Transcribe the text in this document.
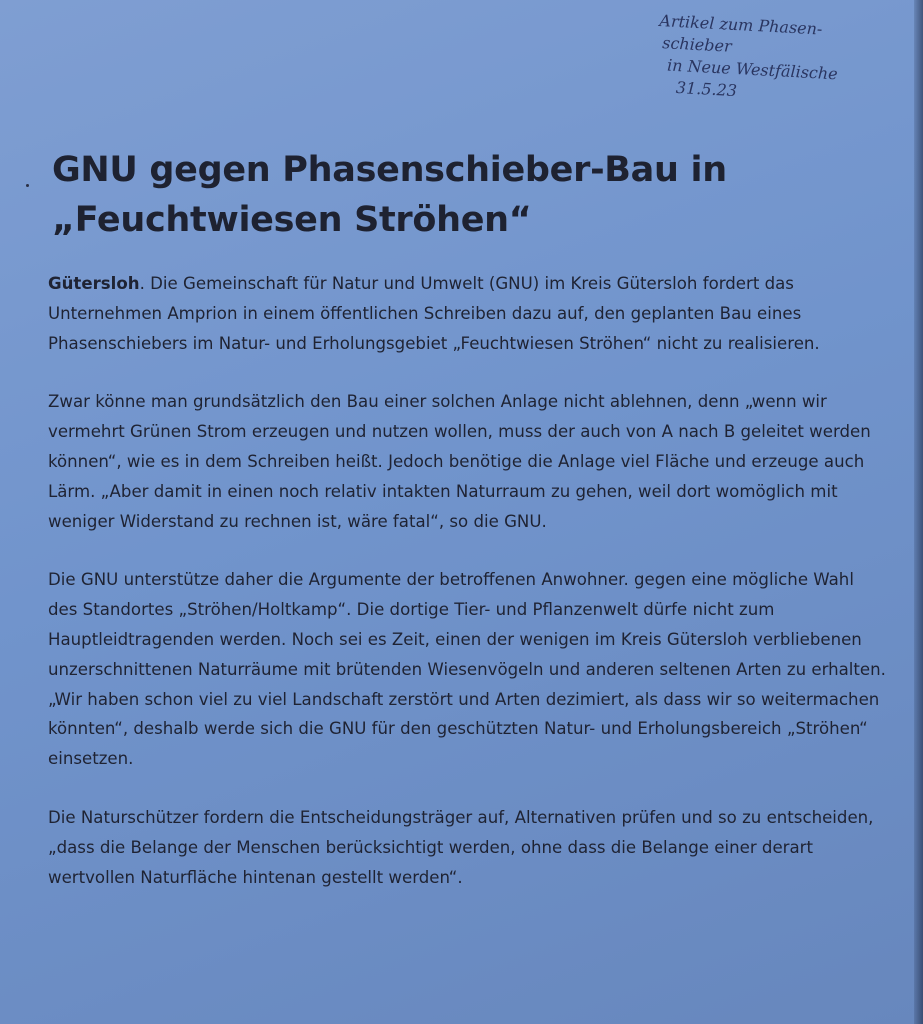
Artikel zum Phasen-
schieber
in Neue Westfälische
31.5.23
GNU gegen Phasenschieber-Bau in
„Feuchtwiesen Ströhen“

Gütersloh. Die Gemeinschaft für Natur und Umwelt (GNU) im Kreis Gütersloh fordert das Unternehmen Amprion in einem öffentlichen Schreiben dazu auf, den geplanten Bau eines Phasenschiebers im Natur- und Erholungsgebiet „Feuchtwiesen Ströhen“ nicht zu realisieren.

Zwar könne man grundsätzlich den Bau einer solchen Anlage nicht ablehnen, denn „wenn wir vermehrt Grünen Strom erzeugen und nutzen wollen, muss der auch von A nach B geleitet werden können“, wie es in dem Schreiben heißt. Jedoch benötige die Anlage viel Fläche und erzeuge auch Lärm. „Aber damit in einen noch relativ intakten Naturraum zu gehen, weil dort womöglich mit weniger Widerstand zu rechnen ist, wäre fatal“, so die GNU.

Die GNU unterstütze daher die Argumente der betroffenen Anwohner. gegen eine mögliche Wahl des Standortes „Ströhen/Holtkamp“. Die dortige Tier- und Pflanzenwelt dürfe nicht zum Hauptleidtragenden werden. Noch sei es Zeit, einen der wenigen im Kreis Gütersloh verbliebenen unzerschnittenen Naturräume mit brütenden Wiesenvögeln und anderen seltenen Arten zu erhalten. „Wir haben schon viel zu viel Landschaft zerstört und Arten dezimiert, als dass wir so weitermachen könnten“, deshalb werde sich die GNU für den geschützten Natur- und Erholungsbereich „Ströhen“ einsetzen.

Die Naturschützer fordern die Entscheidungsträger auf, Alternativen prüfen und so zu entscheiden, „dass die Belange der Menschen berücksichtigt werden, ohne dass die Belange einer derart wertvollen Naturfläche hintenan gestellt werden“.
